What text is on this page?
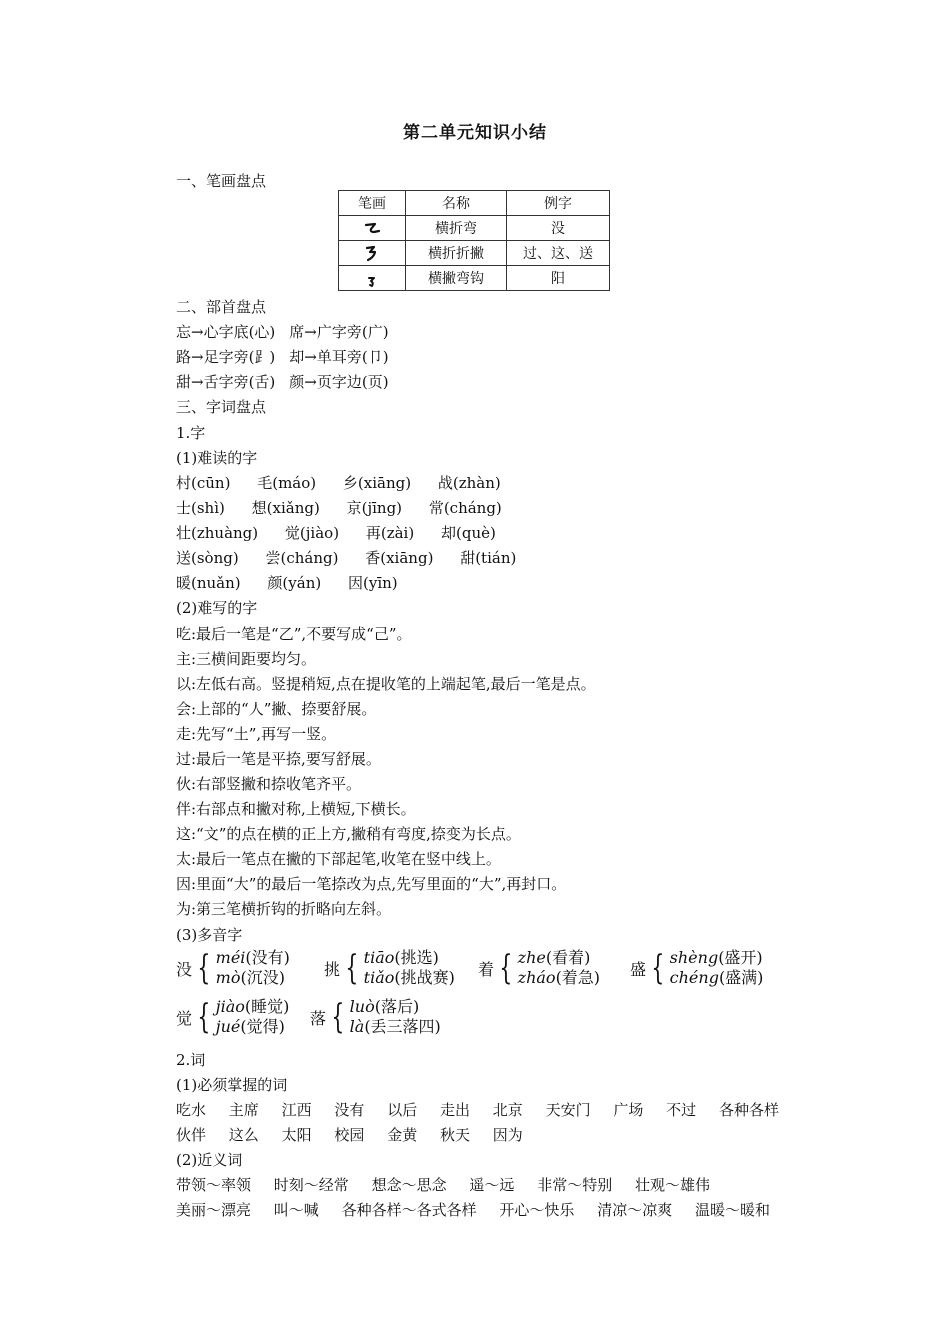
第二单元知识小结
一、笔画盘点
笔画	名称	例字

	横折弯	没

	横折折撇	过、这、送

	横撇弯钩	阳
二、部首盘点
忘→心字底(心) 席→广字旁(广)
路→足字旁(⻊) 却→单耳旁(卩)
甜→舌字旁(舌) 颜→页字边(页)
三、字词盘点
1.字
(1)难读的字
村(cūn) 毛(máo) 乡(xiāng) 战(zhàn)
士(shì) 想(xiǎng) 京(jīng) 常(cháng)
壮(zhuàng) 觉(jiào) 再(zài) 却(què)
送(sòng) 尝(cháng) 香(xiāng) 甜(tián)
暖(nuǎn) 颜(yán) 因(yīn)
(2)难写的字
吃:最后一笔是“乙”,不要写成“己”。
主:三横间距要均匀。
以:左低右高。竖提稍短,点在提收笔的上端起笔,最后一笔是点。
会:上部的“人”撇、捺要舒展。
走:先写“土”,再写一竖。
过:最后一笔是平捺,要写舒展。
伙:右部竖撇和捺收笔齐平。
伴:右部点和撇对称,上横短,下横长。
这:“文”的点在横的正上方,撇稍有弯度,捺变为长点。
太:最后一笔点在撇的下部起笔,收笔在竖中线上。
因:里面“大”的最后一笔捺改为点,先写里面的“大”,再封口。
为:第三笔横折钩的折略向左斜。
(3)多音字
没 { méi(没有)
mò(沉没)	挑 { tiāo(挑选)
tiǎo(挑战赛) 着 { zhe(看着)
zháo(着急) 盛 { shèng(盛开)
chéng(盛满)
觉 { jiào(睡觉)
jué(觉得) 落 { luò(落后)
là(丢三落四)
2.词
(1)必须掌握的词
吃水 主席 江西 没有 以后 走出 北京 天安门 广场 不过 各种各样
伙伴 这么 太阳 校园 金黄 秋天 因为
(2)近义词
带领～率领 时刻～经常 想念～思念 遥～远 非常～特别 壮观～雄伟
美丽～漂亮 叫～喊 各种各样～各式各样 开心～快乐 清凉～凉爽 温暖～暖和
